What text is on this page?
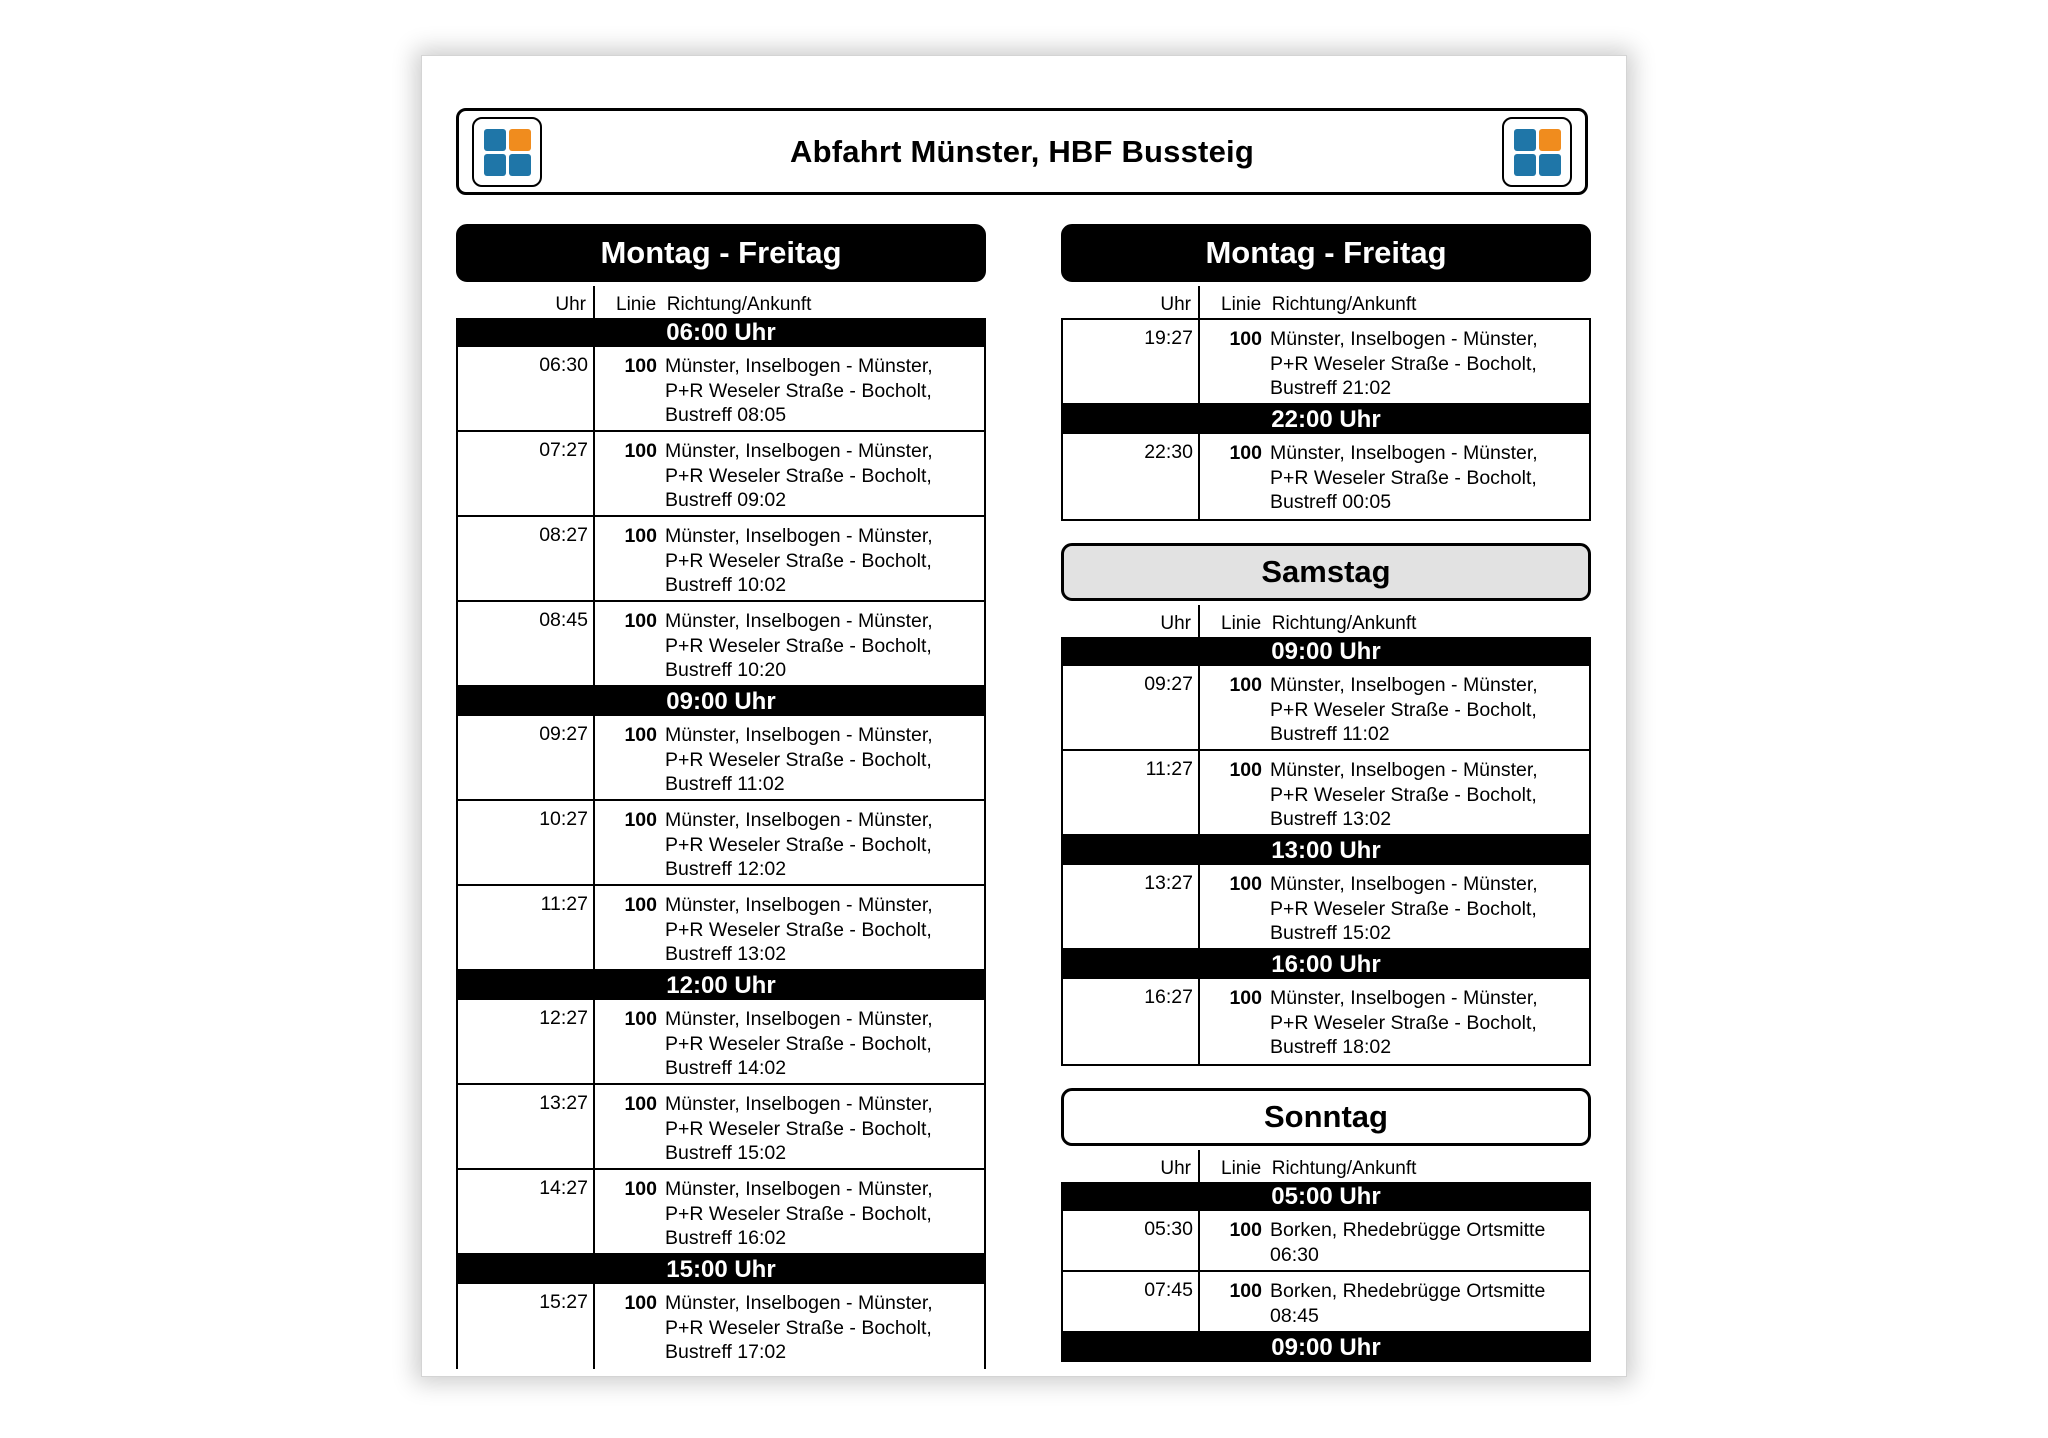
Abfahrt Münster, HBF Bussteig
Montag - Freitag
Uhr Linie Richtung/Ankunft
06:00 Uhr
06:30	100 Münster, Inselbogen - Münster, P+R Weseler Straße - Bocholt, Bustreff 08:05
07:27	100 Münster, Inselbogen - Münster, P+R Weseler Straße - Bocholt, Bustreff 09:02
08:27	100 Münster, Inselbogen - Münster, P+R Weseler Straße - Bocholt, Bustreff 10:02
08:45	100 Münster, Inselbogen - Münster, P+R Weseler Straße - Bocholt, Bustreff 10:20
09:00 Uhr
09:27	100 Münster, Inselbogen - Münster, P+R Weseler Straße - Bocholt, Bustreff 11:02
10:27	100 Münster, Inselbogen - Münster, P+R Weseler Straße - Bocholt, Bustreff 12:02
11:27	100 Münster, Inselbogen - Münster, P+R Weseler Straße - Bocholt, Bustreff 13:02
12:00 Uhr
12:27	100 Münster, Inselbogen - Münster, P+R Weseler Straße - Bocholt, Bustreff 14:02
13:27	100 Münster, Inselbogen - Münster, P+R Weseler Straße - Bocholt, Bustreff 15:02
14:27	100 Münster, Inselbogen - Münster, P+R Weseler Straße - Bocholt, Bustreff 16:02
15:00 Uhr
15:27	100 Münster, Inselbogen - Münster, P+R Weseler Straße - Bocholt, Bustreff 17:02
Montag - Freitag
Uhr Linie Richtung/Ankunft
19:27	100 Münster, Inselbogen - Münster, P+R Weseler Straße - Bocholt, Bustreff 21:02
22:00 Uhr
22:30	100 Münster, Inselbogen - Münster, P+R Weseler Straße - Bocholt, Bustreff 00:05
Samstag
Uhr Linie Richtung/Ankunft
09:00 Uhr
09:27	100 Münster, Inselbogen - Münster, P+R Weseler Straße - Bocholt, Bustreff 11:02
11:27	100 Münster, Inselbogen - Münster, P+R Weseler Straße - Bocholt, Bustreff 13:02
13:00 Uhr
13:27	100 Münster, Inselbogen - Münster, P+R Weseler Straße - Bocholt, Bustreff 15:02
16:00 Uhr
16:27	100 Münster, Inselbogen - Münster, P+R Weseler Straße - Bocholt, Bustreff 18:02
Sonntag
Uhr Linie Richtung/Ankunft
05:00 Uhr
05:30	100 Borken, Rhedebrügge Ortsmitte 06:30
07:45	100 Borken, Rhedebrügge Ortsmitte 08:45
09:00 Uhr
